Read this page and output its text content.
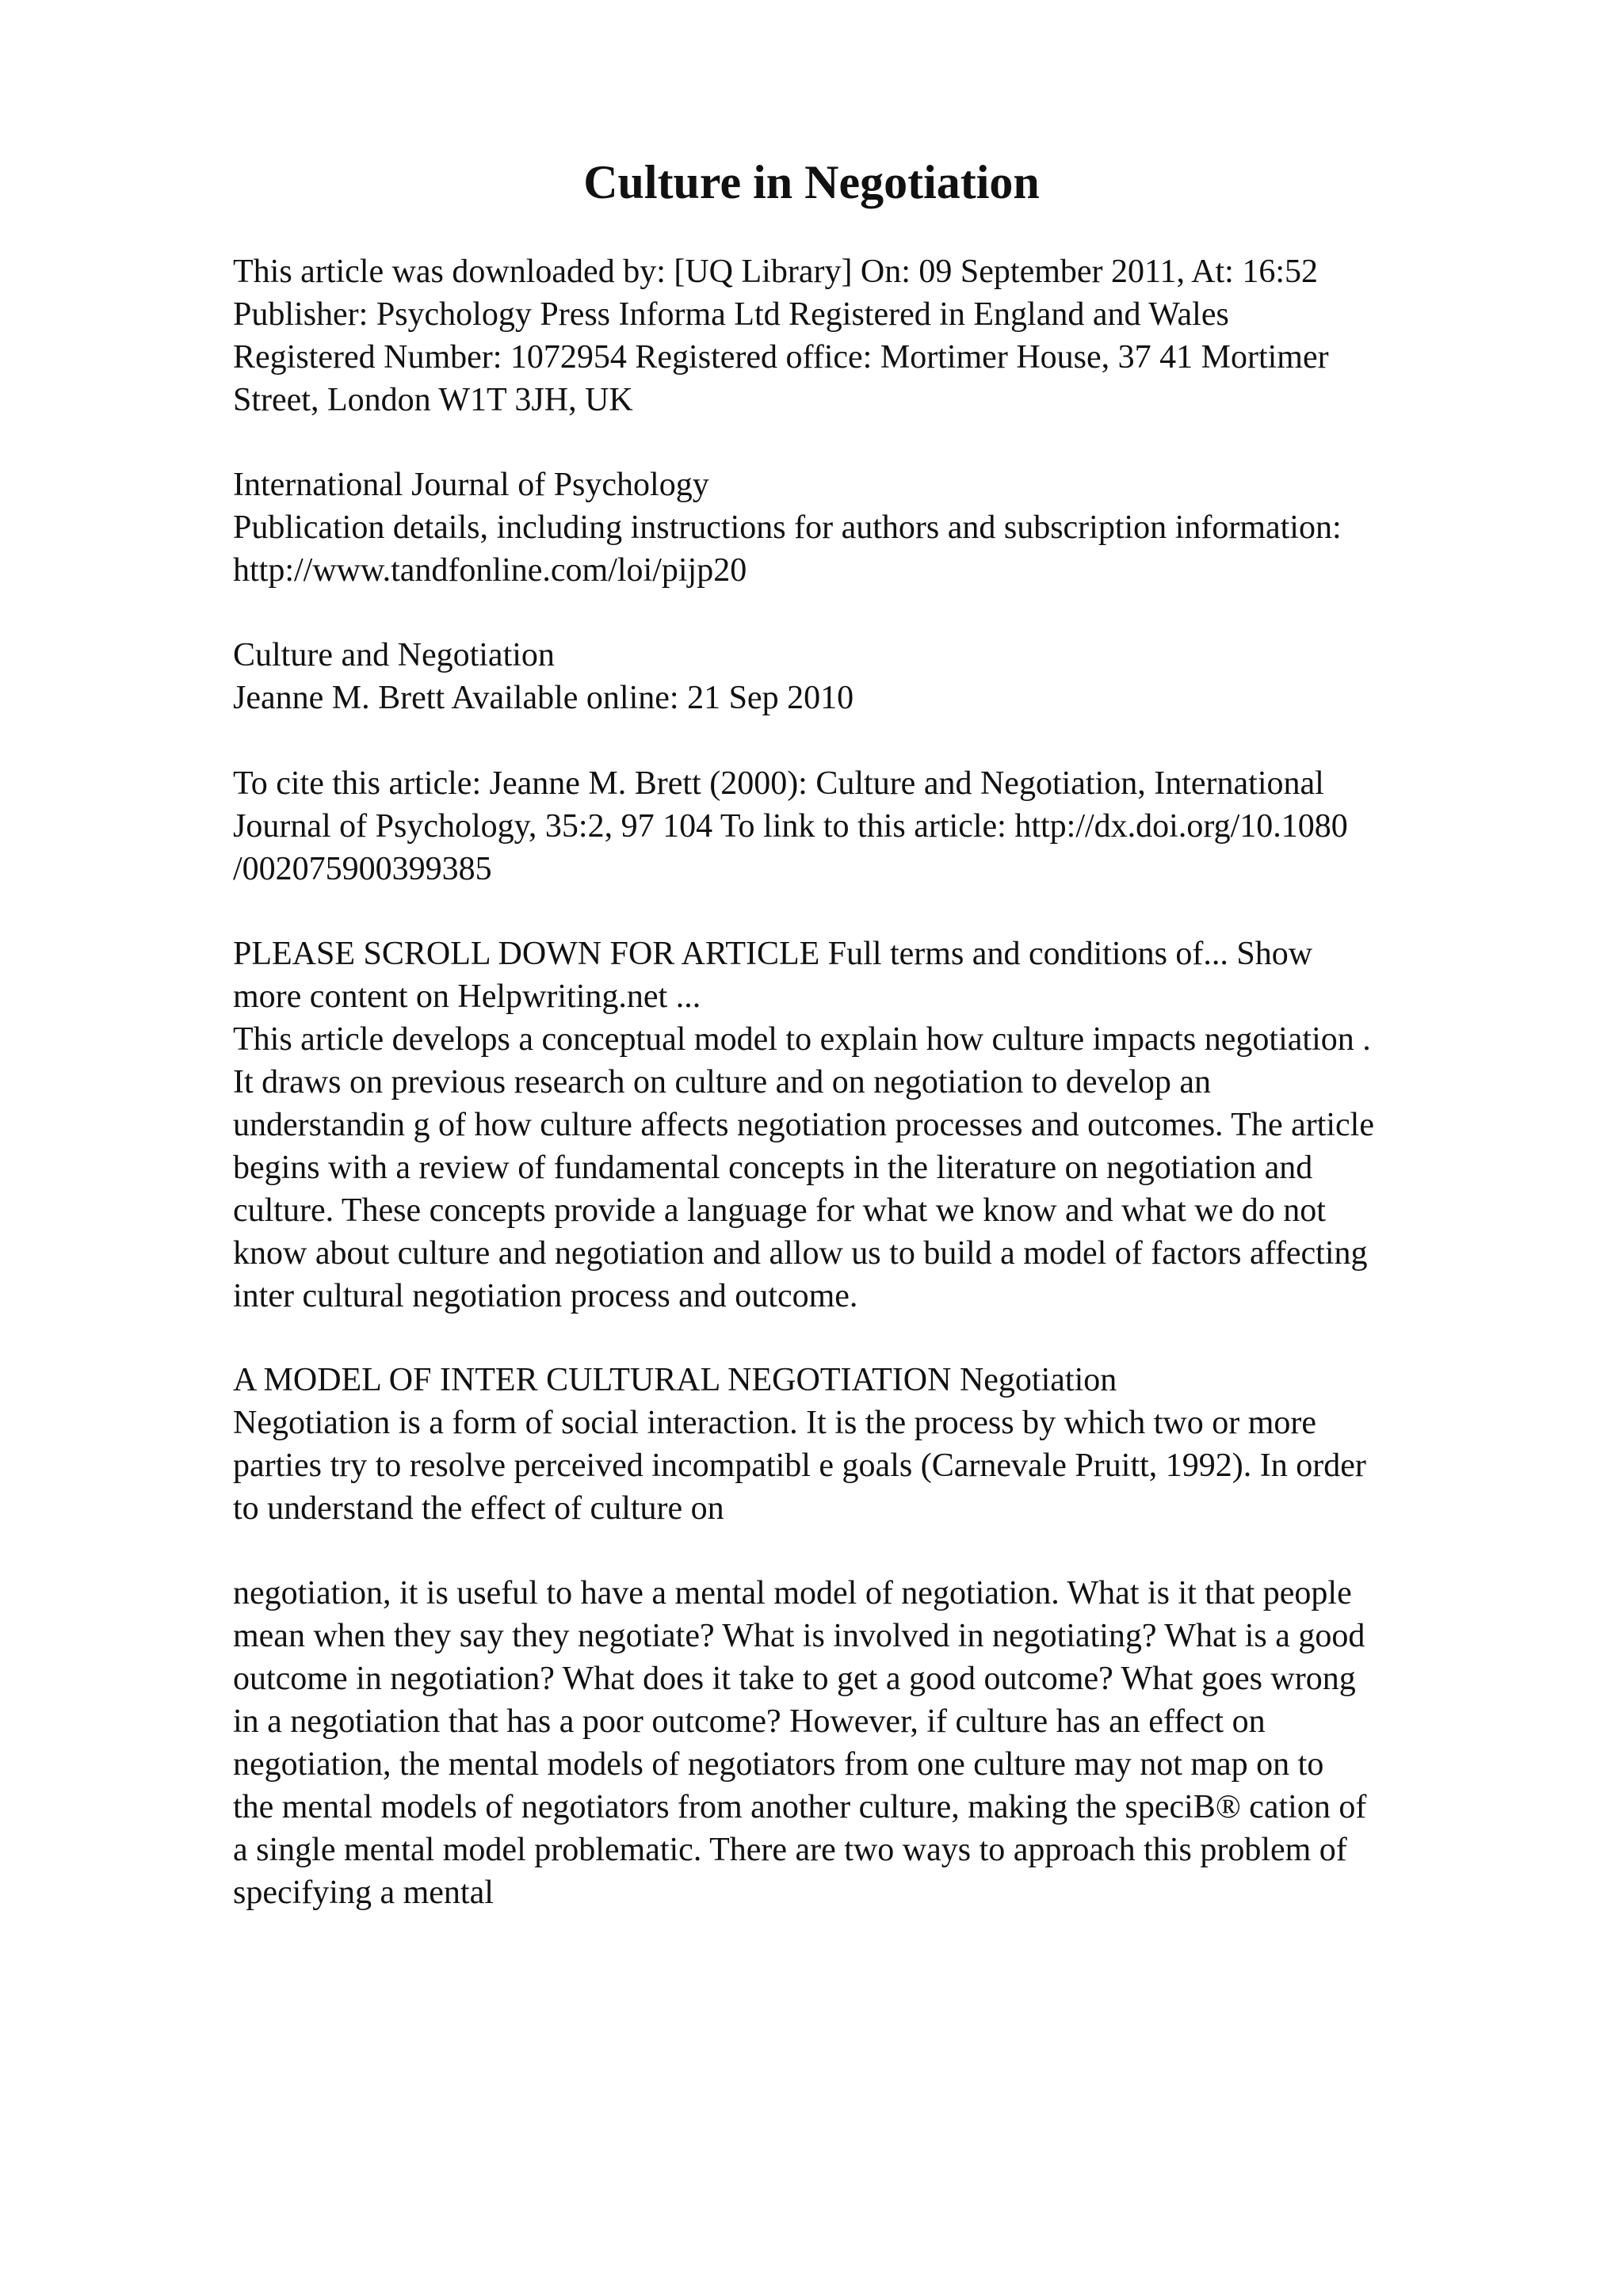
Culture in Negotiation
This article was downloaded by: [UQ Library] On: 09 September 2011, At: 16:52
Publisher: Psychology Press Informa Ltd Registered in England and Wales
Registered Number: 1072954 Registered office: Mortimer House, 37 41 Mortimer
Street, London W1T 3JH, UK
International Journal of Psychology
Publication details, including instructions for authors and subscription information:
http://www.tandfonline.com/loi/pijp20
Culture and Negotiation
Jeanne M. Brett Available online: 21 Sep 2010
To cite this article: Jeanne M. Brett (2000): Culture and Negotiation, International
Journal of Psychology, 35:2, 97 104 To link to this article: http://dx.doi.org/10.1080
/002075900399385
PLEASE SCROLL DOWN FOR ARTICLE Full terms and conditions of... Show
more content on Helpwriting.net ...
This article develops a conceptual model to explain how culture impacts negotiation .
It draws on previous research on culture and on negotiation to develop an
understandin g of how culture affects negotiation processes and outcomes. The article
begins with a review of fundamental concepts in the literature on negotiation and
culture. These concepts provide a language for what we know and what we do not
know about culture and negotiation and allow us to build a model of factors affecting
inter cultural negotiation process and outcome.
A MODEL OF INTER CULTURAL NEGOTIATION Negotiation
Negotiation is a form of social interaction. It is the process by which two or more
parties try to resolve perceived incompatibl e goals (Carnevale Pruitt, 1992). In order
to understand the effect of culture on
negotiation, it is useful to have a mental model of negotiation. What is it that people
mean when they say they negotiate? What is involved in negotiating? What is a good
outcome in negotiation? What does it take to get a good outcome? What goes wrong
in a negotiation that has a poor outcome? However, if culture has an effect on
negotiation, the mental models of negotiators from one culture may not map on to
the mental models of negotiators from another culture, making the speciB® cation of
a single mental model problematic. There are two ways to approach this problem of
specifying a mental
